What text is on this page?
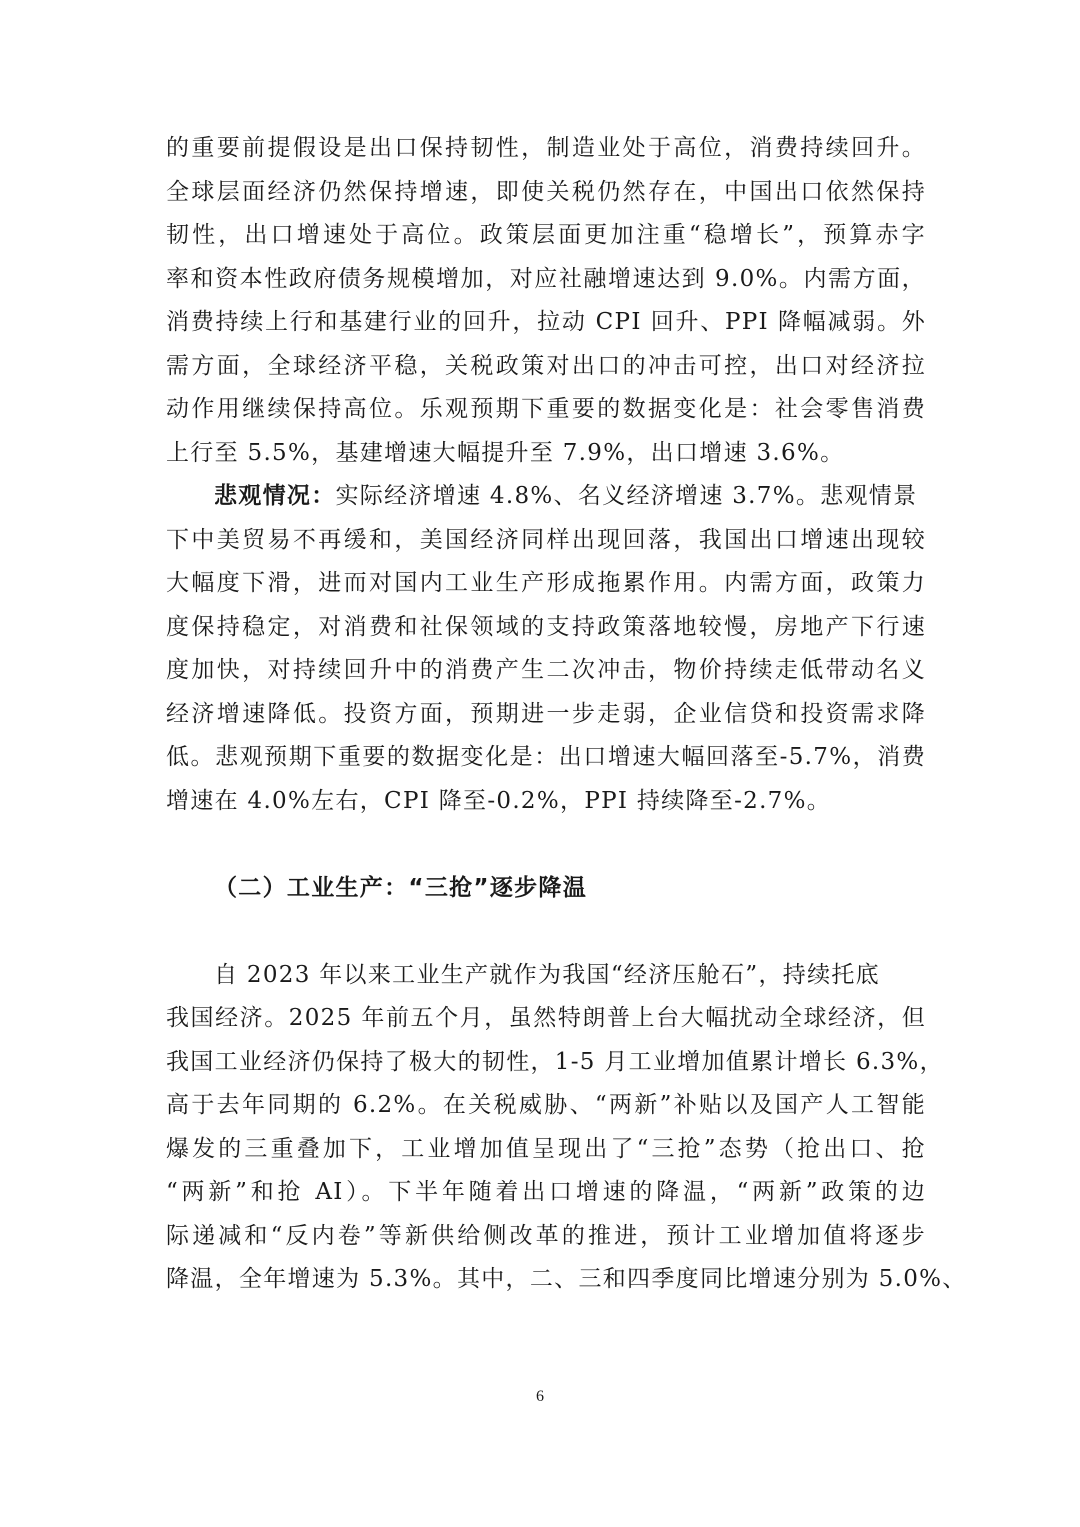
的重要前提假设是出口保持韧性，制造业处于高位，消费持续回升。
全球层面经济仍然保持增速，即使关税仍然存在，中国出口依然保持
韧性，出口增速处于高位。政策层面更加注重“稳增长”，预算赤字
率和资本性政府债务规模增加，对应社融增速达到 9.0%。内需方面，
消费持续上行和基建行业的回升，拉动 CPI 回升、PPI 降幅减弱。外
需方面，全球经济平稳，关税政策对出口的冲击可控，出口对经济拉
动作用继续保持高位。乐观预期下重要的数据变化是：社会零售消费
上行至 5.5%，基建增速大幅提升至 7.9%，出口增速 3.6%。
悲观情况：实际经济增速 4.8%、名义经济增速 3.7%。悲观情景
下中美贸易不再缓和，美国经济同样出现回落，我国出口增速出现较
大幅度下滑，进而对国内工业生产形成拖累作用。内需方面，政策力
度保持稳定，对消费和社保领域的支持政策落地较慢，房地产下行速
度加快，对持续回升中的消费产生二次冲击，物价持续走低带动名义
经济增速降低。投资方面，预期进一步走弱，企业信贷和投资需求降
低。悲观预期下重要的数据变化是：出口增速大幅回落至-5.7%，消费
增速在 4.0%左右，CPI 降至-0.2%，PPI 持续降至-2.7%。
（二）工业生产：“三抢”逐步降温
自 2023 年以来工业生产就作为我国“经济压舱石”，持续托底
我国经济。2025 年前五个月，虽然特朗普上台大幅扰动全球经济，但
我国工业经济仍保持了极大的韧性，1-5 月工业增加值累计增长 6.3%，
高于去年同期的 6.2%。在关税威胁、“两新”补贴以及国产人工智能
爆发的三重叠加下，工业增加值呈现出了“三抢”态势（抢出口、抢
“两新”和抢 AI）。下半年随着出口增速的降温，“两新”政策的边
际递减和“反内卷”等新供给侧改革的推进，预计工业增加值将逐步
降温，全年增速为 5.3%。其中，二、三和四季度同比增速分别为 5.0%、
6
